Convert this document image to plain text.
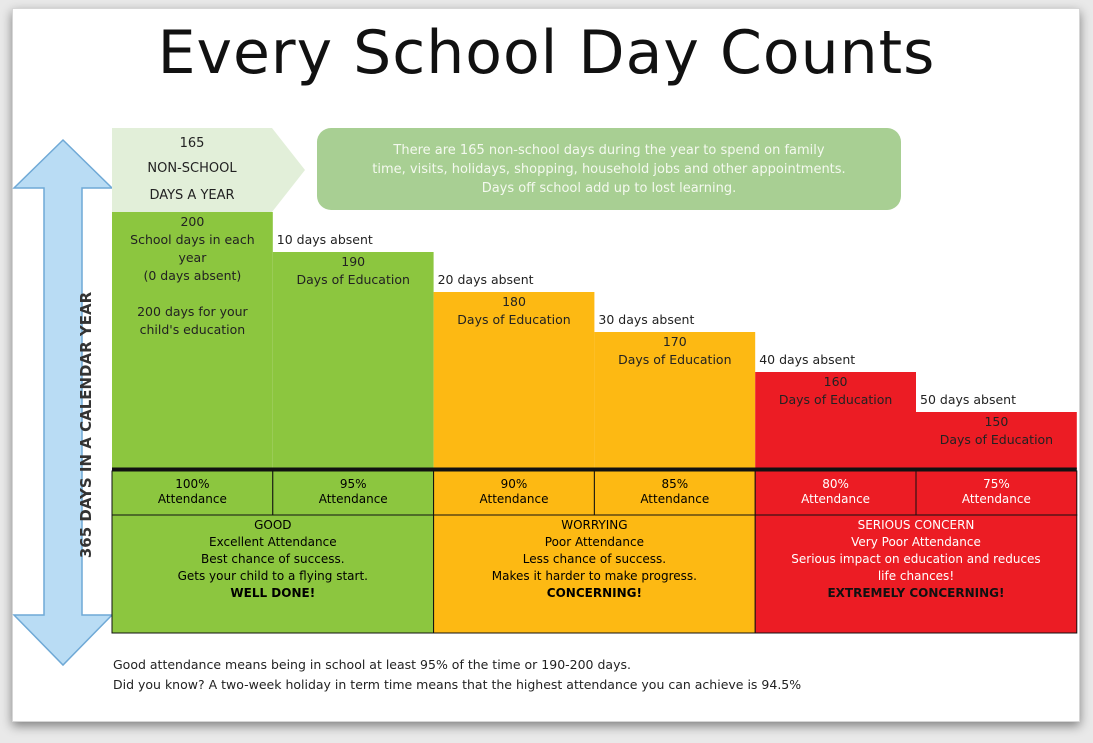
Every School Day Counts
365 DAYS IN A CALENDAR YEAR
165
NON-SCHOOL
DAYS A YEAR
There are 165 non-school days during the year to spend on family
time, visits, holidays, shopping, household jobs and other appointments.
Days off school add up to lost learning.
200
School days in each
year
(0 days absent)
200 days for your
child's education
10 days absent
190
Days of Education	20 days absent
180
Days of Education	30 days absent
170
Days of Education	40 days absent
160
Days of Education	50 days absent
150
Days of Education
100%
Attendance
95%
Attendance
90%
Attendance
85%
Attendance
80%
Attendance
75%
Attendance
GOOD
Excellent Attendance
Best chance of success.
Gets your child to a flying start.
WELL DONE!
WORRYING
Poor Attendance
Less chance of success.
Makes it harder to make progress.
CONCERNING!
SERIOUS CONCERN
Very Poor Attendance
Serious impact on education and reduces
life chances!
EXTREMELY CONCERNING!
Good attendance means being in school at least 95% of the time or 190-200 days.
Did you know? A two-week holiday in term time means that the highest attendance you can achieve is 94.5%
